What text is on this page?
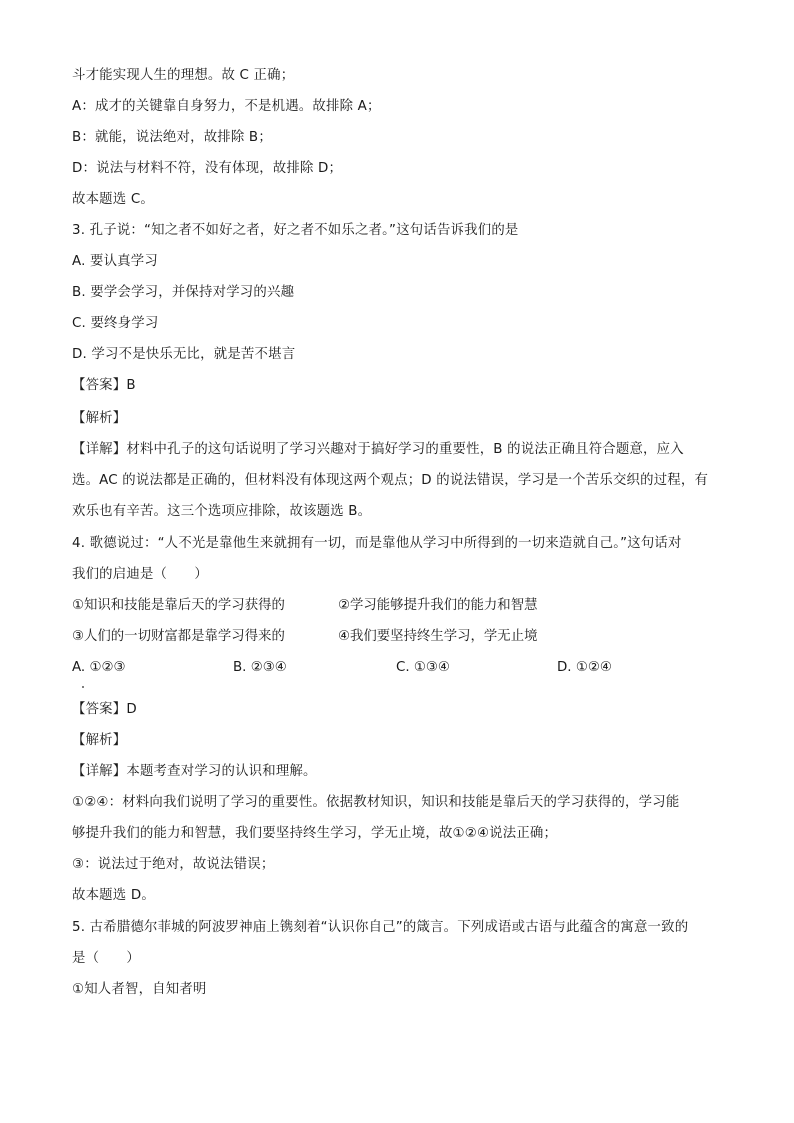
斗才能实现人生的理想。故 C 正确；
A：成才的关键靠自身努力，不是机遇。故排除 A；
B：就能，说法绝对，故排除 B；
D：说法与材料不符，没有体现，故排除 D；
故本题选 C。
3. 孔子说：“知之者不如好之者，好之者不如乐之者。”这句话告诉我们的是
A. 要认真学习
B. 要学会学习，并保持对学习的兴趣
C. 要终身学习
D. 学习不是快乐无比，就是苦不堪言
【答案】B
【解析】
【详解】材料中孔子的这句话说明了学习兴趣对于搞好学习的重要性，B 的说法正确且符合题意，应入
选。AC 的说法都是正确的，但材料没有体现这两个观点；D 的说法错误，学习是一个苦乐交织的过程，有
欢乐也有辛苦。这三个选项应排除，故该题选 B。
4. 歌德说过：“人不光是靠他生来就拥有一切，而是靠他从学习中所得到的一切来造就自己。”这句话对
我们的启迪是（　　）
①知识和技能是靠后天的学习获得的	②学习能够提升我们的能力和智慧
③人们的一切财富都是靠学习得来的	④我们要坚持终生学习，学无止境
A. ①②③	B. ②③④	C. ①③④	D. ①②④
【答案】D
【解析】
【详解】本题考查对学习的认识和理解。
①②④：材料向我们说明了学习的重要性。依据教材知识，知识和技能是靠后天的学习获得的，学习能
够提升我们的能力和智慧，我们要坚持终生学习，学无止境，故①②④说法正确；
③：说法过于绝对，故说法错误；
故本题选 D。
5. 古希腊德尔菲城的阿波罗神庙上镌刻着“认识你自己”的箴言。下列成语或古语与此蕴含的寓意一致的
是（　　）
①知人者智，自知者明
